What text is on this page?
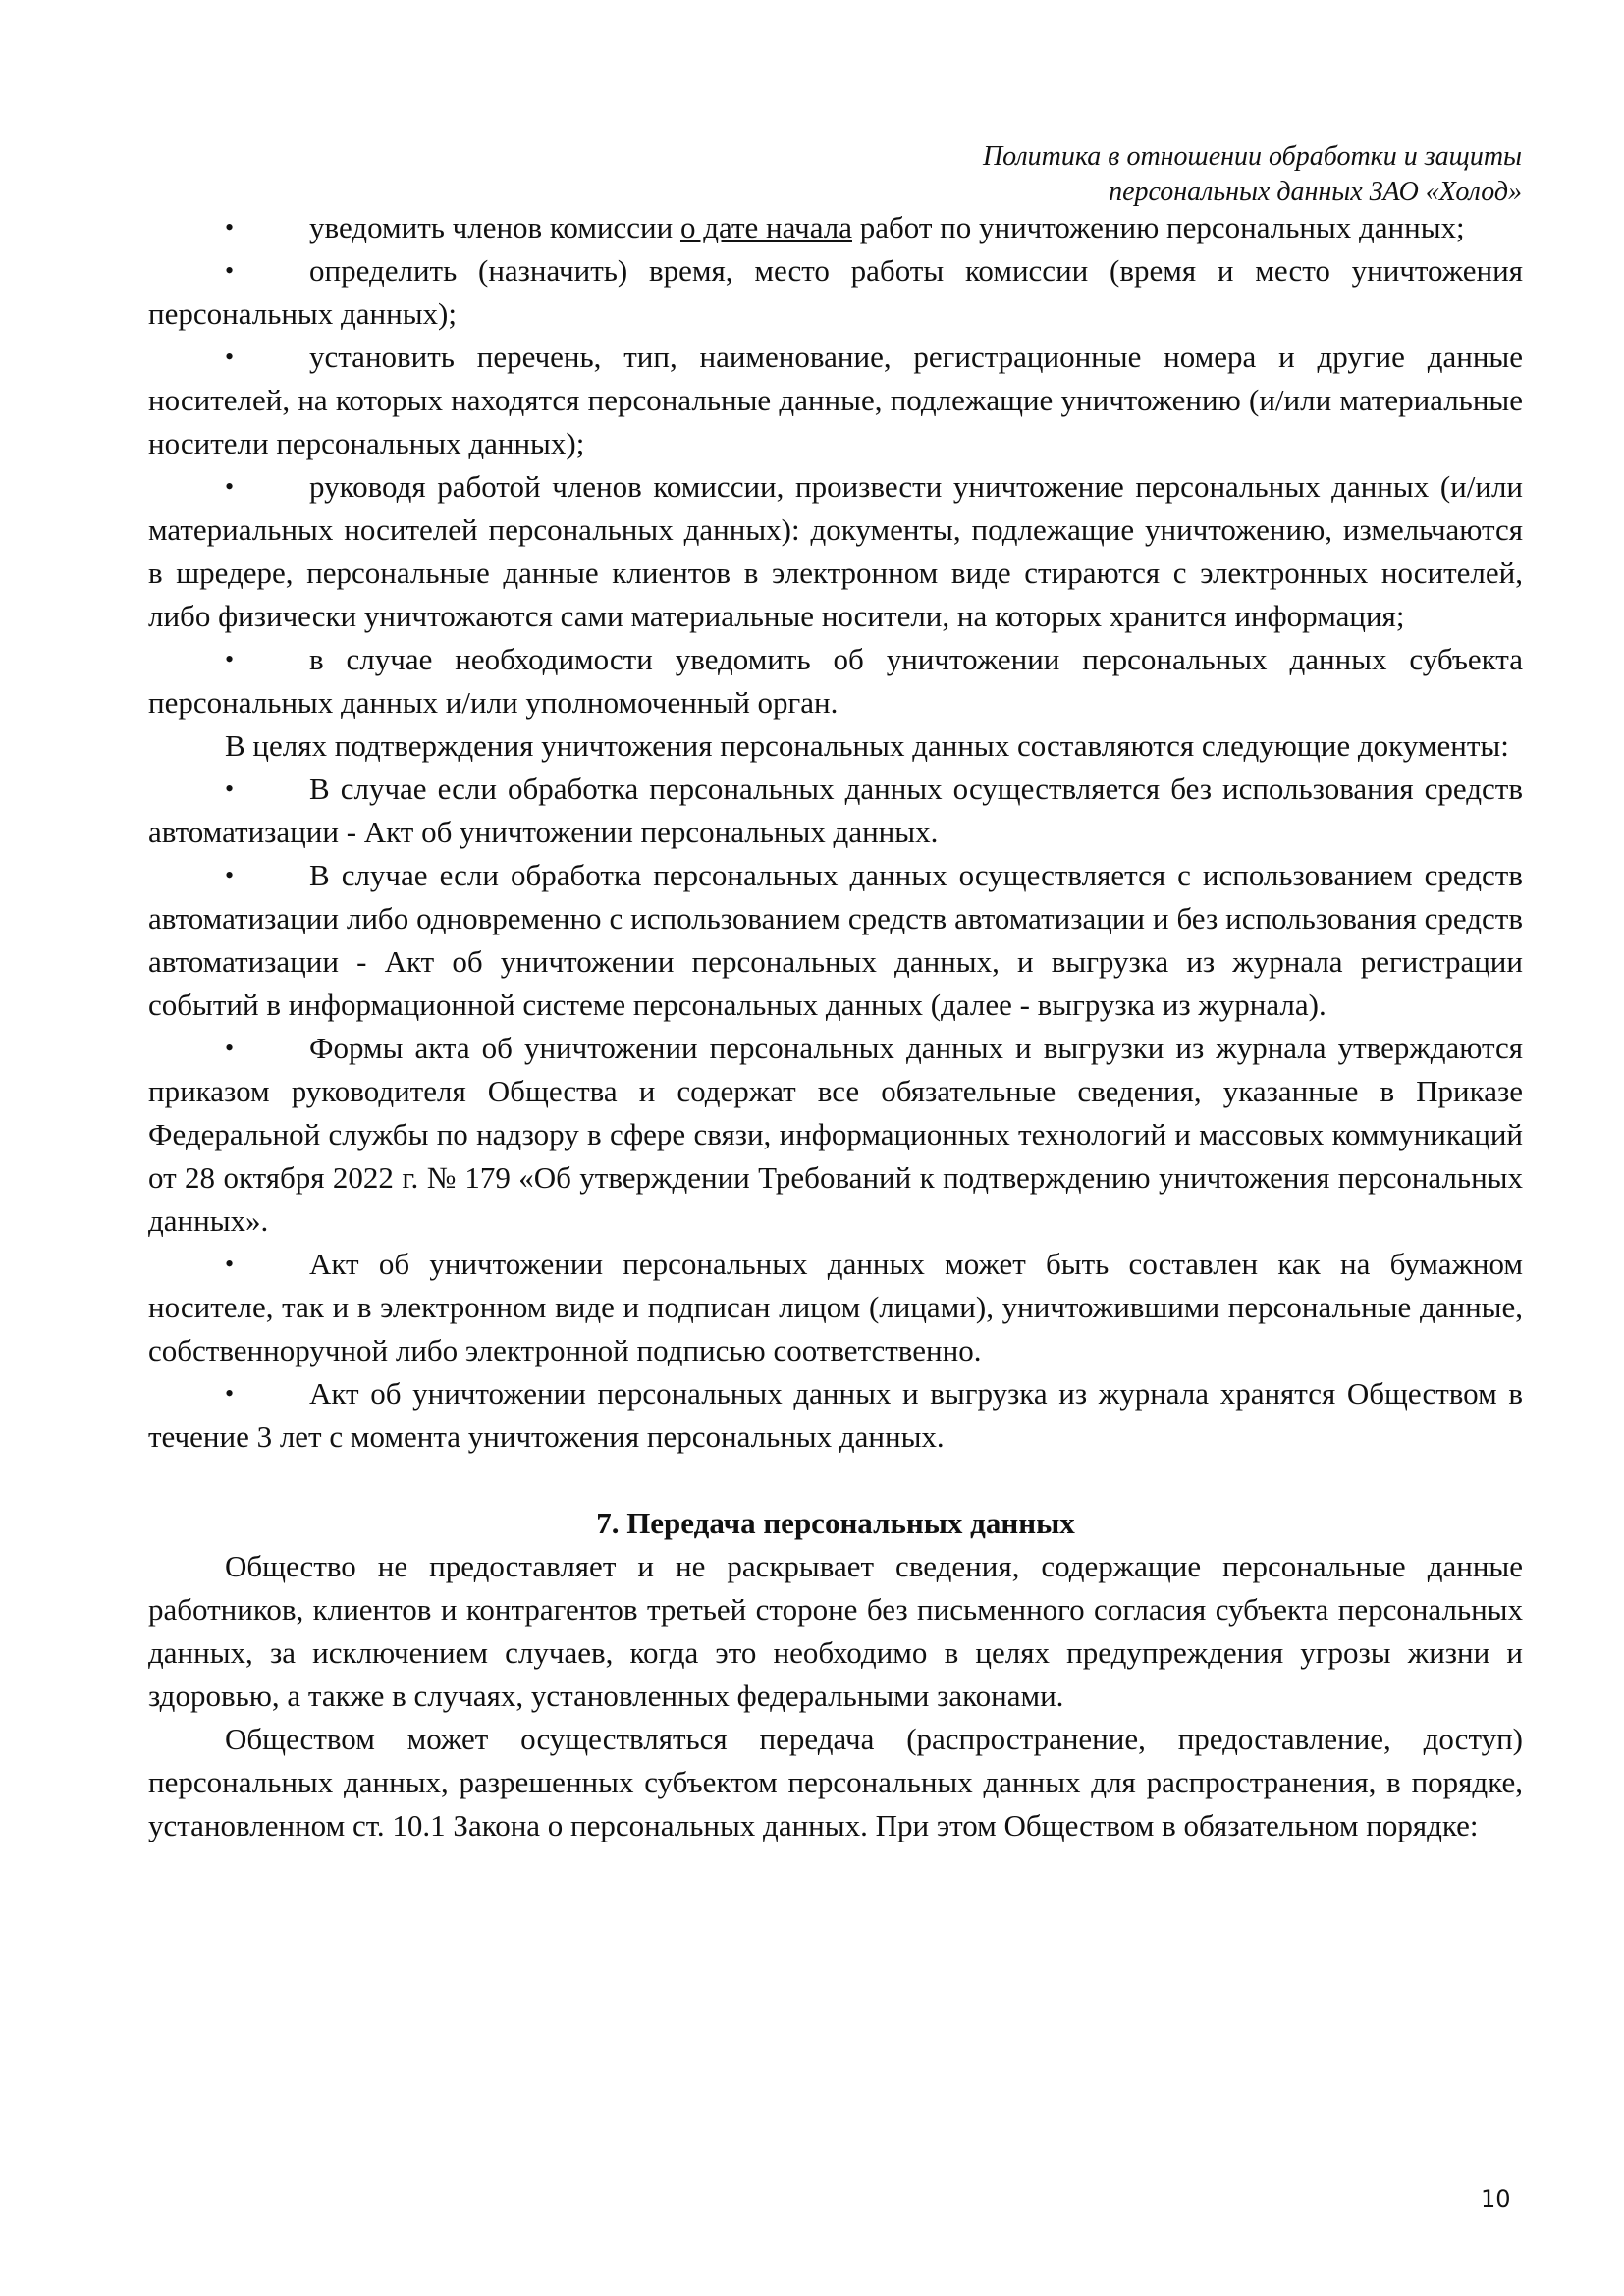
Политика в отношении обработки и защиты
персональных данных ЗАО «Холод»

• уведомить членов комиссии о дате начала работ по уничтожению персональных данных;

• определить (назначить) время, место работы комиссии (время и место уничтожения персональных данных);

• установить перечень, тип, наименование, регистрационные номера и другие данные носителей, на которых находятся персональные данные, подлежащие уничтожению (и/или материальные носители персональных данных);

• руководя работой членов комиссии, произвести уничтожение персональных данных (и/или материальных носителей персональных данных): документы, подлежащие уничтожению, измельчаются в шредере, персональные данные клиентов в электронном виде стираются с электронных носителей, либо физически уничтожаются сами материальные носители, на которых хранится информация;

• в случае необходимости уведомить об уничтожении персональных данных субъекта персональных данных и/или уполномоченный орган.

В целях подтверждения уничтожения персональных данных составляются следующие документы:

• В случае если обработка персональных данных осуществляется без использования средств автоматизации - Акт об уничтожении персональных данных.

• В случае если обработка персональных данных осуществляется с использованием средств автоматизации либо одновременно с использованием средств автоматизации и без использования средств автоматизации - Акт об уничтожении персональных данных, и выгрузка из журнала регистрации событий в информационной системе персональных данных (далее - выгрузка из журнала).

• Формы акта об уничтожении персональных данных и выгрузки из журнала утверждаются приказом руководителя Общества и содержат все обязательные сведения, указанные в Приказе Федеральной службы по надзору в сфере связи, информационных технологий и массовых коммуникаций от 28 октября 2022 г. № 179 «Об утверждении Требований к подтверждению уничтожения персональных данных».

• Акт об уничтожении персональных данных может быть составлен как на бумажном носителе, так и в электронном виде и подписан лицом (лицами), уничтожившими персональные данные, собственноручной либо электронной подписью соответственно.

• Акт об уничтожении персональных данных и выгрузка из журнала хранятся Обществом в течение 3 лет с момента уничтожения персональных данных.

7. Передача персональных данных

Общество не предоставляет и не раскрывает сведения, содержащие персональные данные работников, клиентов и контрагентов третьей стороне без письменного согласия субъекта персональных данных, за исключением случаев, когда это необходимо в целях предупреждения угрозы жизни и здоровью, а также в случаях, установленных федеральными законами.

Обществом может осуществляться передача (распространение, предоставление, доступ) персональных данных, разрешенных субъектом персональных данных для распространения, в порядке, установленном ст. 10.1 Закона о персональных данных. При этом Обществом в обязательном порядке:

10
